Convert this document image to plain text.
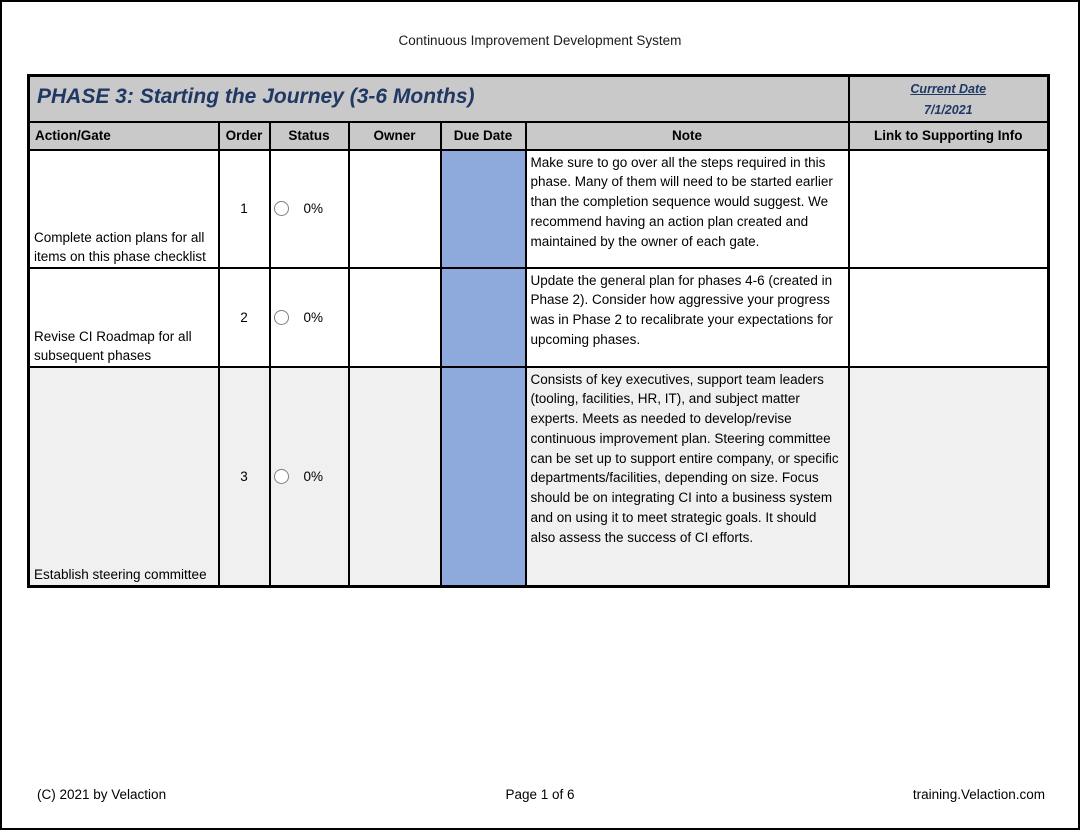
Continuous Improvement Development System
PHASE 3: Starting the Journey (3-6 Months)						Current Date
7/1/2021

Action/Gate	Order	Status	Owner	Due Date	Note	Link to Supporting Info
Complete action plans for all items on this phase checklist	1	0%			Make sure to go over all the steps required in this phase. Many of them will need to be started earlier than the completion sequence would suggest. We recommend having an action plan created and maintained by the owner of each gate.	
Revise CI Roadmap for all subsequent phases	2	0%			Update the general plan for phases 4-6 (created in Phase 2). Consider how aggressive your progress was in Phase 2 to recalibrate your expectations for upcoming phases.	
Establish steering committee	3	0%			Consists of key executives, support team leaders (tooling, facilities, HR, IT), and subject matter experts. Meets as needed to develop/revise continuous improvement plan. Steering committee can be set up to support entire company, or specific departments/facilities, depending on size. Focus should be on integrating CI into a business system and on using it to meet strategic goals. It should also assess the success of CI efforts.	
(C) 2021 by Velaction	Page 1 of 6	training.Velaction.com
